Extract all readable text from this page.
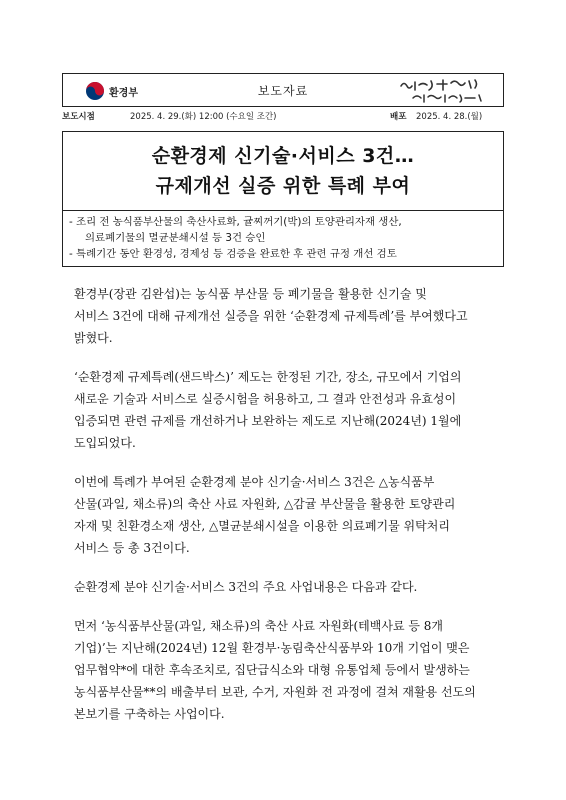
환경부	보도자료
보도시점	2025. 4. 29.(화) 12:00 (수요일 조간)	배포 2025. 4. 28.(월)
순환경제 신기술·서비스 3건…
규제개선 실증 위한 특례 부여
- 조리 전 농식품부산물의 축산사료화, 귤찌꺼기(박)의 토양관리자재 생산,
의료폐기물의 멸균분쇄시설 등 3건 승인
- 특례기간 동안 환경성, 경제성 등 검증을 완료한 후 관련 규정 개선 검토
환경부(장관 김완섭)는 농식품 부산물 등 폐기물을 활용한 신기술 및
서비스 3건에 대해 규제개선 실증을 위한 ‘순환경제 규제특례’를 부여했다고
밝혔다.
‘순환경제 규제특례(샌드박스)’ 제도는 한정된 기간, 장소, 규모에서 기업의
새로운 기술과 서비스로 실증시험을 허용하고, 그 결과 안전성과 유효성이
입증되면 관련 규제를 개선하거나 보완하는 제도로 지난해(2024년) 1월에
도입되었다.
이번에 특례가 부여된 순환경제 분야 신기술·서비스 3건은 △농식품부
산물(과일, 채소류)의 축산 사료 자원화, △감귤 부산물을 활용한 토양관리
자재 및 친환경소재 생산, △멸균분쇄시설을 이용한 의료폐기물 위탁처리
서비스 등 총 3건이다.
순환경제 분야 신기술·서비스 3건의 주요 사업내용은 다음과 같다.
먼저 ‘농식품부산물(과일, 채소류)의 축산 사료 자원화(테백사료 등 8개
기업)’는 지난해(2024년) 12월 환경부·농림축산식품부와 10개 기업이 맺은
업무협약*에 대한 후속조치로, 집단급식소와 대형 유통업체 등에서 발생하는
농식품부산물**의 배출부터 보관, 수거, 자원화 전 과정에 걸쳐 재활용 선도의
본보기를 구축하는 사업이다.
